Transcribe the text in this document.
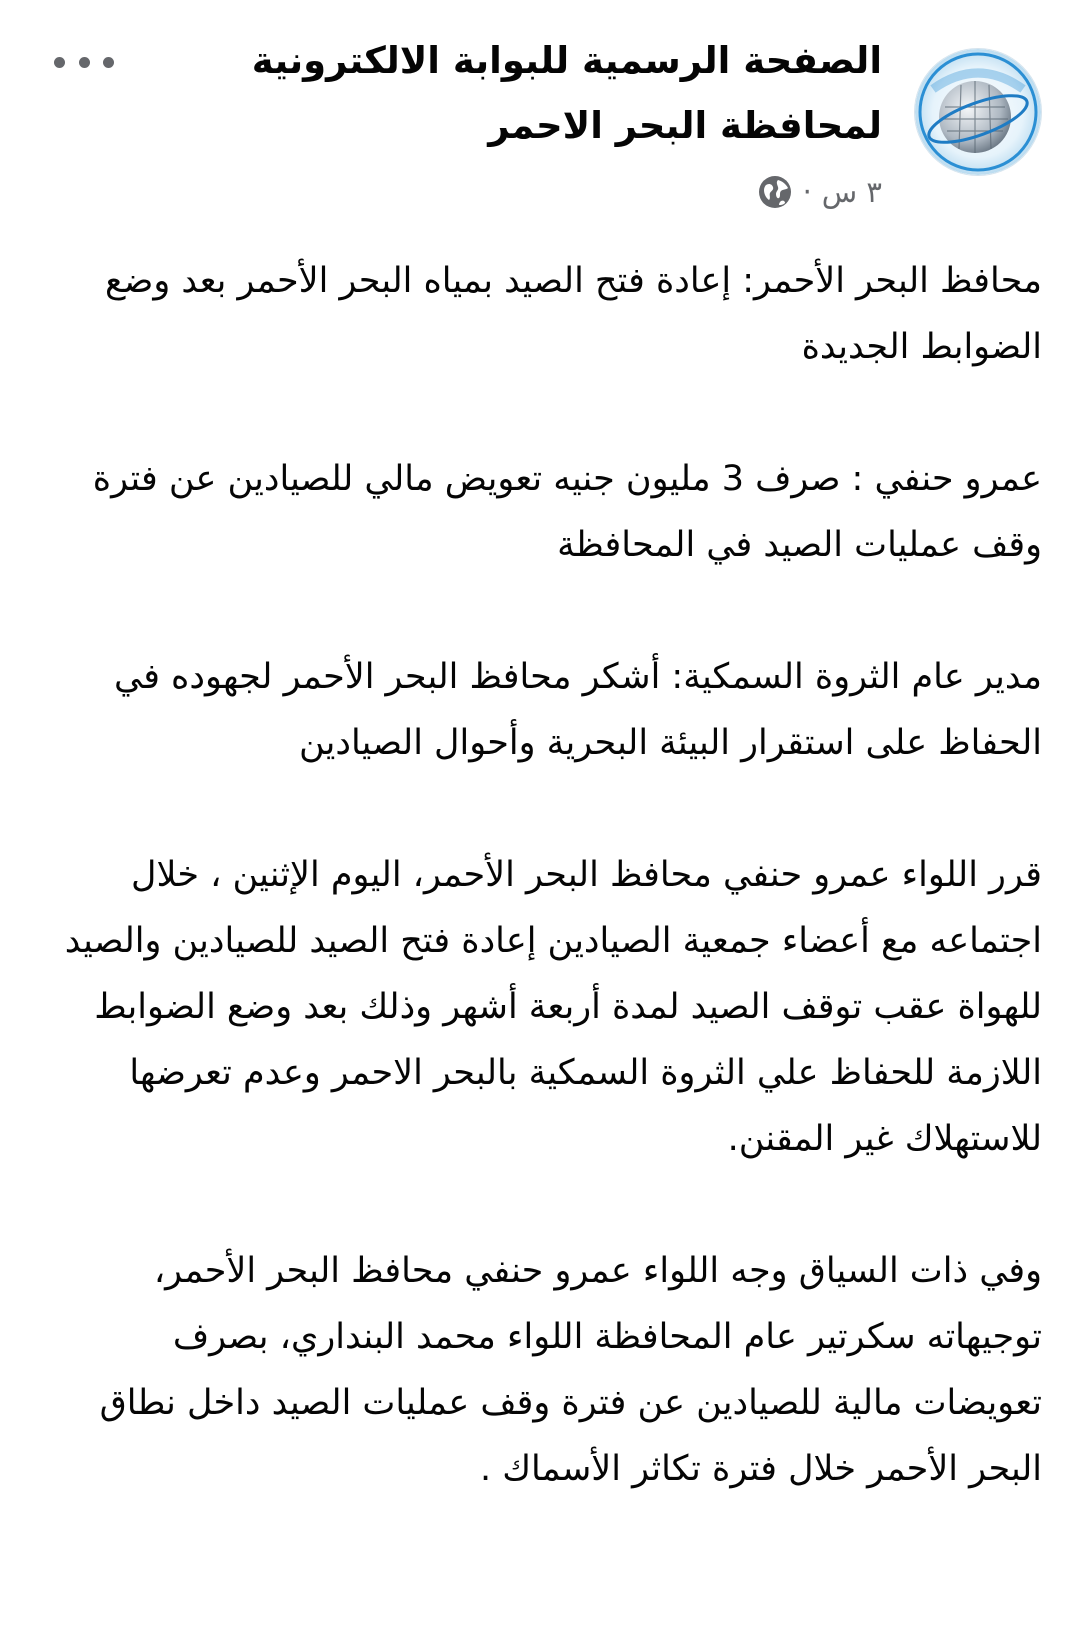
الصفحة الرسمية للبوابة الالكترونية لمحافظة البحر الاحمر
٣ س
·

محافظ البحر الأحمر: إعادة فتح الصيد بمياه البحر الأحمر بعد وضع الضوابط الجديدة

عمرو حنفي : صرف 3 مليون جنيه تعويض مالي للصيادين عن فترة وقف عمليات الصيد في المحافظة

مدير عام الثروة السمكية: أشكر محافظ البحر الأحمر لجهوده في الحفاظ على استقرار البيئة البحرية وأحوال الصيادين

قرر اللواء عمرو حنفي محافظ البحر الأحمر، اليوم الإثنين ، خلال اجتماعه مع أعضاء جمعية الصيادين إعادة فتح الصيد للصيادين والصيد للهواة عقب توقف الصيد لمدة أربعة أشهر وذلك بعد وضع الضوابط اللازمة للحفاظ علي الثروة السمكية بالبحر الاحمر وعدم تعرضها للاستهلاك غير المقنن.

وفي ذات السياق وجه اللواء عمرو حنفي محافظ البحر الأحمر، توجيهاته سكرتير عام المحافظة اللواء محمد البنداري، بصرف تعويضات مالية للصيادين عن فترة وقف عمليات الصيد داخل نطاق البحر الأحمر خلال فترة تكاثر الأسماك .
